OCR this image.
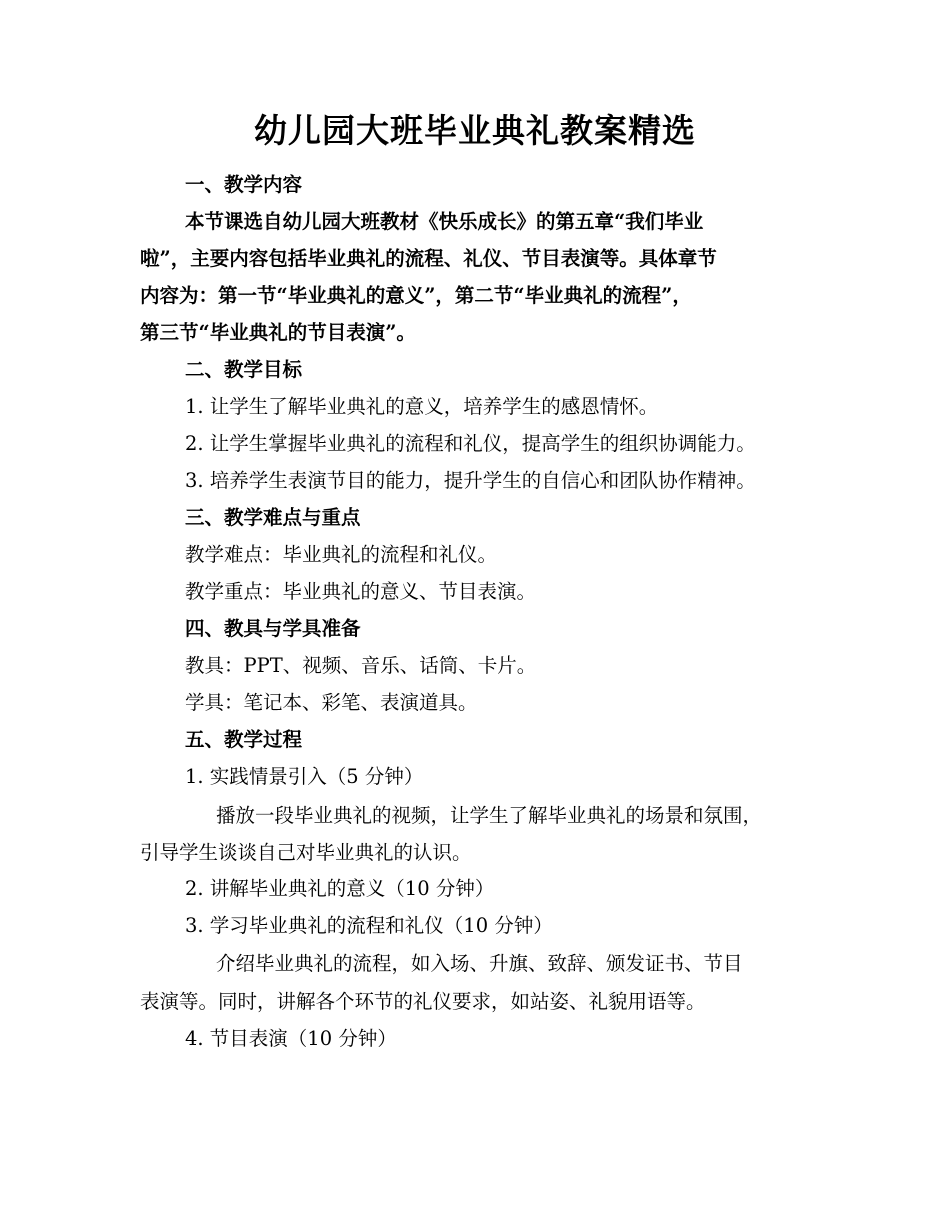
幼儿园大班毕业典礼教案精选
一、教学内容
本节课选自幼儿园大班教材《快乐成长》的第五章“我们毕业
啦”，主要内容包括毕业典礼的流程、礼仪、节目表演等。具体章节
内容为：第一节“毕业典礼的意义”，第二节“毕业典礼的流程”，
第三节“毕业典礼的节目表演”。
二、教学目标
1. 让学生了解毕业典礼的意义，培养学生的感恩情怀。
2. 让学生掌握毕业典礼的流程和礼仪，提高学生的组织协调能力。
3. 培养学生表演节目的能力，提升学生的自信心和团队协作精神。
三、教学难点与重点
教学难点：毕业典礼的流程和礼仪。
教学重点：毕业典礼的意义、节目表演。
四、教具与学具准备
教具：PPT、视频、音乐、话筒、卡片。
学具：笔记本、彩笔、表演道具。
五、教学过程
1. 实践情景引入（5 分钟）
播放一段毕业典礼的视频，让学生了解毕业典礼的场景和氛围，
引导学生谈谈自己对毕业典礼的认识。
2. 讲解毕业典礼的意义（10 分钟）
3. 学习毕业典礼的流程和礼仪（10 分钟）
介绍毕业典礼的流程，如入场、升旗、致辞、颁发证书、节目
表演等。同时，讲解各个环节的礼仪要求，如站姿、礼貌用语等。
4. 节目表演（10 分钟）
